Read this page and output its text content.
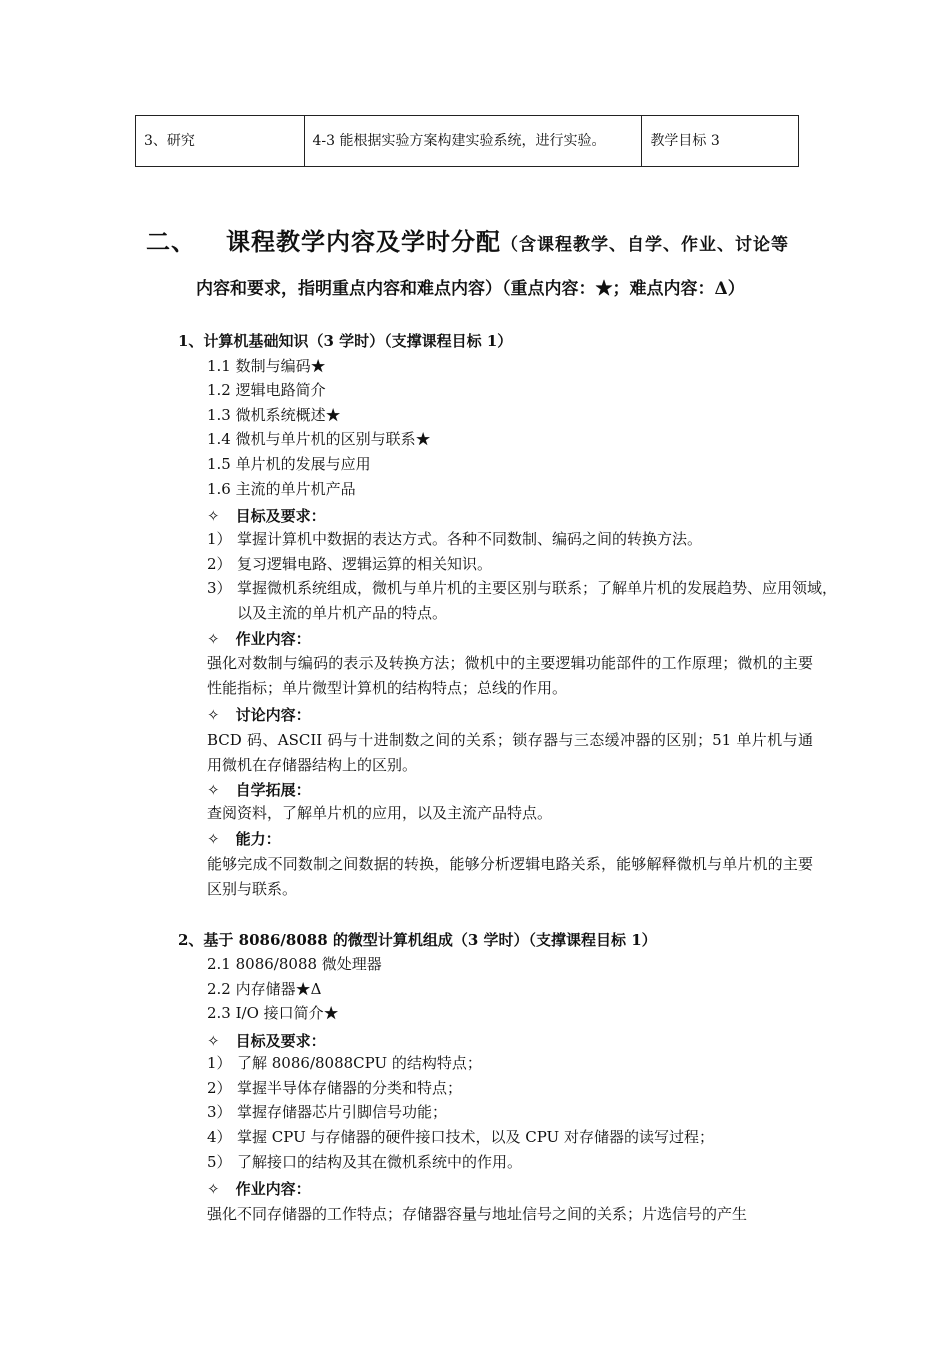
3、研究	4-3 能根据实验方案构建实验系统，进行实验。	教学目标 3
二、 课程教学内容及学时分配（含课程教学、自学、作业、讨论等
内容和要求，指明重点内容和难点内容）（重点内容：★；难点内容：Δ）
1、计算机基础知识（3 学时）（支撑课程目标 1）
1.1 数制与编码★
1.2 逻辑电路简介
1.3 微机系统概述★
1.4 微机与单片机的区别与联系★
1.5 单片机的发展与应用
1.6 主流的单片机产品
✧ 目标及要求：
1） 掌握计算机中数据的表达方式。各种不同数制、编码之间的转换方法。
2） 复习逻辑电路、逻辑运算的相关知识。
3） 掌握微机系统组成，微机与单片机的主要区别与联系；了解单片机的发展趋势、应用领域，以及主流的单片机产品的特点。
✧ 作业内容：
强化对数制与编码的表示及转换方法；微机中的主要逻辑功能部件的工作原理；微机的主要性能指标；单片微型计算机的结构特点；总线的作用。
✧ 讨论内容：
BCD 码、ASCII 码与十进制数之间的关系；锁存器与三态缓冲器的区别；51 单片机与通用微机在存储器结构上的区别。
✧ 自学拓展：
查阅资料，了解单片机的应用，以及主流产品特点。
✧ 能力：
能够完成不同数制之间数据的转换，能够分析逻辑电路关系，能够解释微机与单片机的主要区别与联系。
2、基于 8086/8088 的微型计算机组成（3 学时）（支撑课程目标 1）
2.1 8086/8088 微处理器
2.2 内存储器★Δ
2.3 I/O 接口简介★
✧ 目标及要求：
1） 了解 8086/8088CPU 的结构特点；
2） 掌握半导体存储器的分类和特点；
3） 掌握存储器芯片引脚信号功能；
4） 掌握 CPU 与存储器的硬件接口技术，以及 CPU 对存储器的读写过程；
5） 了解接口的结构及其在微机系统中的作用。
✧ 作业内容：
强化不同存储器的工作特点；存储器容量与地址信号之间的关系；片选信号的产生
